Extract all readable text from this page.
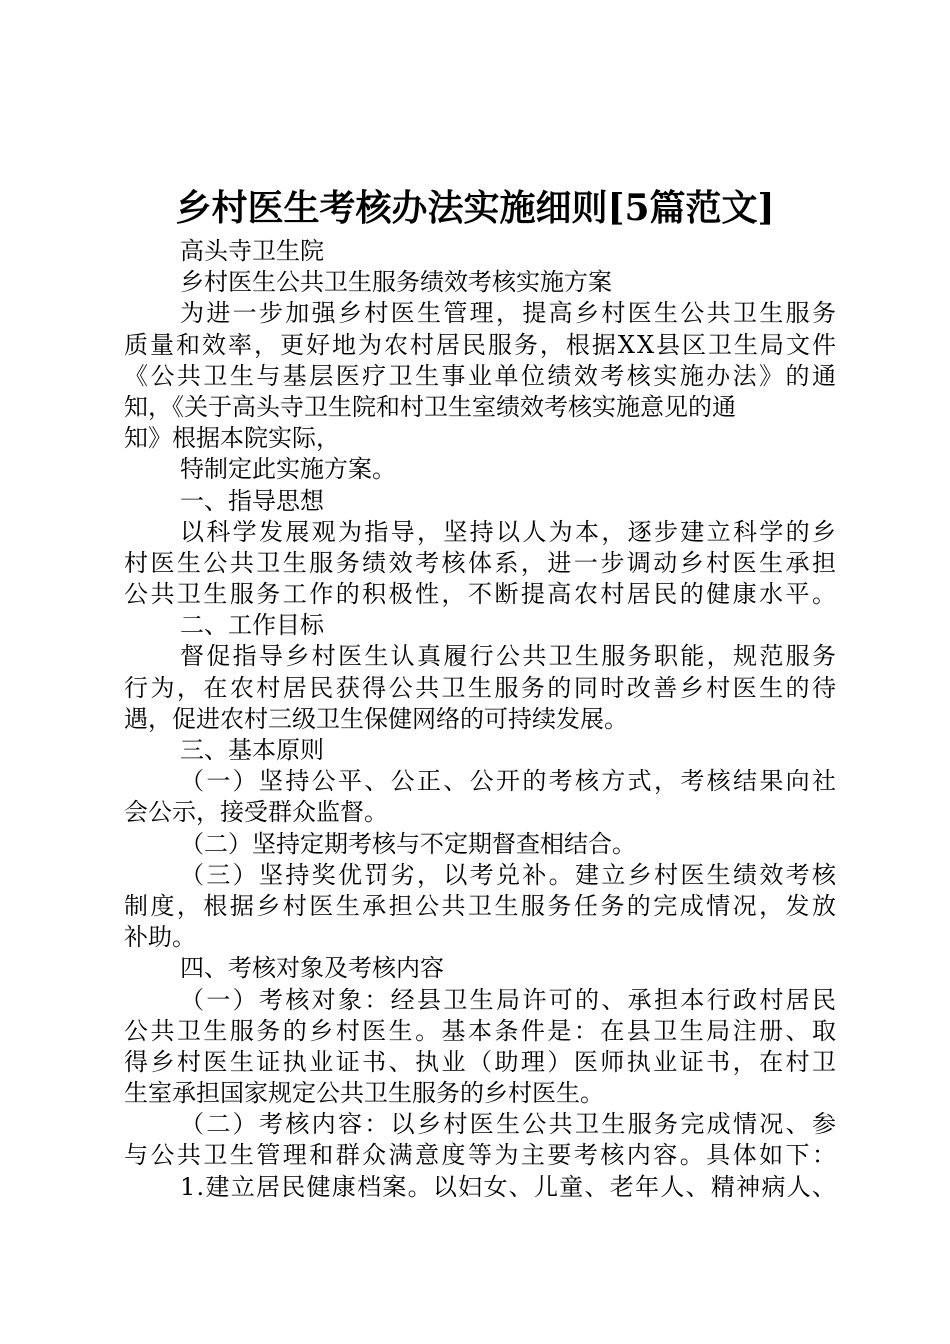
乡村医生考核办法实施细则[5篇范文]
高头寺卫生院
乡村医生公共卫生服务绩效考核实施方案
为进一步加强乡村医生管理，提高乡村医生公共卫生服务
质量和效率，更好地为农村居民服务，根据XX县区卫生局文件
《公共卫生与基层医疗卫生事业单位绩效考核实施办法》的通
知，《关于高头寺卫生院和村卫生室绩效考核实施意见的通
知》根据本院实际，
特制定此实施方案。
一、指导思想
以科学发展观为指导，坚持以人为本，逐步建立科学的乡
村医生公共卫生服务绩效考核体系，进一步调动乡村医生承担
公共卫生服务工作的积极性，不断提高农村居民的健康水平。
二、工作目标
督促指导乡村医生认真履行公共卫生服务职能，规范服务
行为，在农村居民获得公共卫生服务的同时改善乡村医生的待
遇，促进农村三级卫生保健网络的可持续发展。
三、基本原则
（一）坚持公平、公正、公开的考核方式，考核结果向社
会公示，接受群众监督。
（二）坚持定期考核与不定期督查相结合。
（三）坚持奖优罚劣，以考兑补。建立乡村医生绩效考核
制度，根据乡村医生承担公共卫生服务任务的完成情况，发放
补助。
四、考核对象及考核内容
（一）考核对象：经县卫生局许可的、承担本行政村居民
公共卫生服务的乡村医生。基本条件是：在县卫生局注册、取
得乡村医生证执业证书、执业（助理）医师执业证书，在村卫
生室承担国家规定公共卫生服务的乡村医生。
（二）考核内容：以乡村医生公共卫生服务完成情况、参
与公共卫生管理和群众满意度等为主要考核内容。具体如下：
1.建立居民健康档案。以妇女、儿童、老年人、精神病人、
